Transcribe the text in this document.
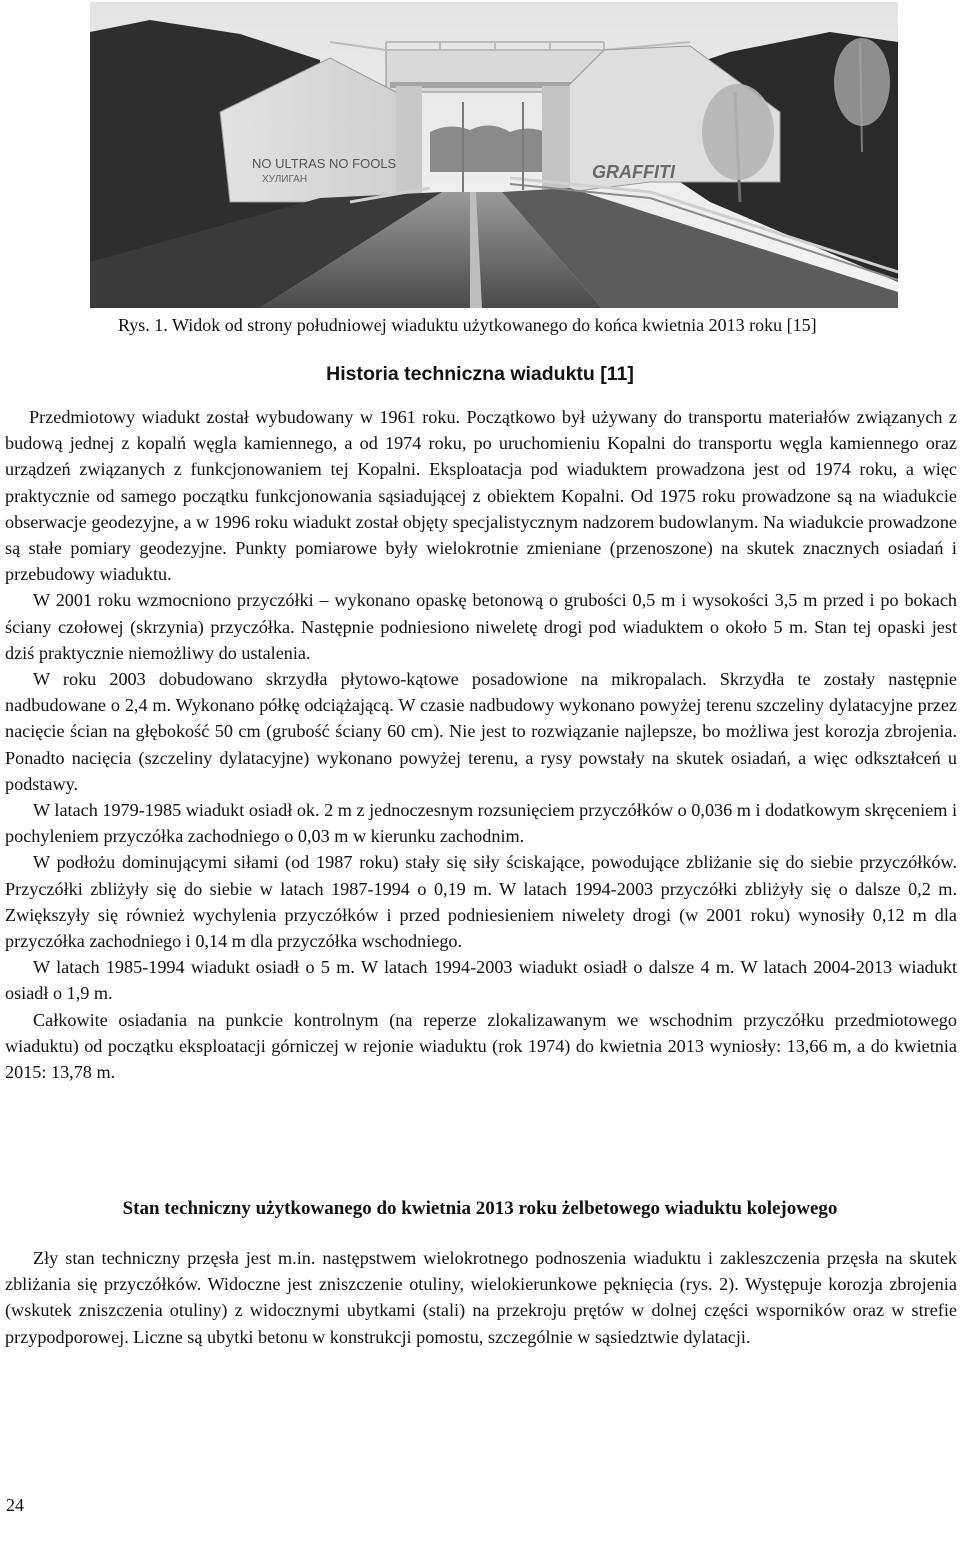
NO ULTRAS NO FOOLS
ХУЛИГАН	GRAFFITI
Rys. 1. Widok od strony południowej wiaduktu użytkowanego do końca kwietnia 2013 roku [15]
Historia techniczna wiaduktu [11]

Przedmiotowy wiadukt został wybudowany w 1961 roku. Początkowo był używany do transportu materiałów związanych z budową jednej z kopalń węgla kamiennego, a od 1974 roku, po uruchomieniu Kopalni do transportu węgla kamiennego oraz urządzeń związanych z funkcjonowaniem tej Kopalni. Eksploatacja pod wiaduktem prowadzona jest od 1974 roku, a więc praktycznie od samego początku funkcjonowania sąsiadującej z obiektem Kopalni. Od 1975 roku prowadzone są na wiadukcie obserwacje geodezyjne, a w 1996 roku wiadukt został objęty specjalistycznym nadzorem budowlanym. Na wiadukcie prowadzone są stałe pomiary geodezyjne. Punkty pomiarowe były wielokrotnie zmieniane (przenoszone) na skutek znacznych osiadań i przebudowy wiaduktu.

W 2001 roku wzmocniono przyczółki – wykonano opaskę betonową o grubości 0,5 m i wysokości 3,5 m przed i po bokach ściany czołowej (skrzynia) przyczółka. Następnie podniesiono niweletę drogi pod wiaduktem o około 5 m. Stan tej opaski jest dziś praktycznie niemożliwy do ustalenia.

W roku 2003 dobudowano skrzydła płytowo-kątowe posadowione na mikropalach. Skrzydła te zostały następnie nadbudowane o 2,4 m. Wykonano półkę odciążającą. W czasie nadbudowy wykonano powyżej terenu szczeliny dylatacyjne przez nacięcie ścian na głębokość 50 cm (grubość ściany 60 cm). Nie jest to rozwiązanie najlepsze, bo możliwa jest korozja zbrojenia. Ponadto nacięcia (szczeliny dylatacyjne) wykonano powyżej terenu, a rysy powstały na skutek osiadań, a więc odkształceń u podstawy.

W latach 1979-1985 wiadukt osiadł ok. 2 m z jednoczesnym rozsunięciem przyczółków o 0,036 m i dodatkowym skręceniem i pochyleniem przyczółka zachodniego o 0,03 m w kierunku zachodnim.

W podłożu dominującymi siłami (od 1987 roku) stały się siły ściskające, powodujące zbliżanie się do siebie przyczółków. Przyczółki zbliżyły się do siebie w latach 1987-1994 o 0,19 m. W latach 1994-2003 przyczółki zbliżyły się o dalsze 0,2 m. Zwiększyły się również wychylenia przyczółków i przed podniesieniem niwelety drogi (w 2001 roku) wynosiły 0,12 m dla przyczółka zachodniego i 0,14 m dla przyczółka wschodniego.

W latach 1985-1994 wiadukt osiadł o 5 m. W latach 1994-2003 wiadukt osiadł o dalsze 4 m. W latach 2004-2013 wiadukt osiadł o 1,9 m.

Całkowite osiadania na punkcie kontrolnym (na reperze zlokalizawanym we wschodnim przyczółku przedmiotowego wiaduktu) od początku eksploatacji górniczej w rejonie wiaduktu (rok 1974) do kwietnia 2013 wyniosły: 13,66 m, a do kwietnia 2015: 13,78 m.

Stan techniczny użytkowanego do kwietnia 2013 roku żelbetowego wiaduktu kolejowego

Zły stan techniczny przęsła jest m.in. następstwem wielokrotnego podnoszenia wiaduktu i zakleszczenia przęsła na skutek zbliżania się przyczółków. Widoczne jest zniszczenie otuliny, wielokierunkowe pęknięcia (rys. 2). Występuje korozja zbrojenia (wskutek zniszczenia otuliny) z widocznymi ubytkami (stali) na przekroju prętów w dolnej części wsporników oraz w strefie przypodporowej. Liczne są ubytki betonu w konstrukcji pomostu, szczególnie w sąsiedztwie dylatacji.

24
